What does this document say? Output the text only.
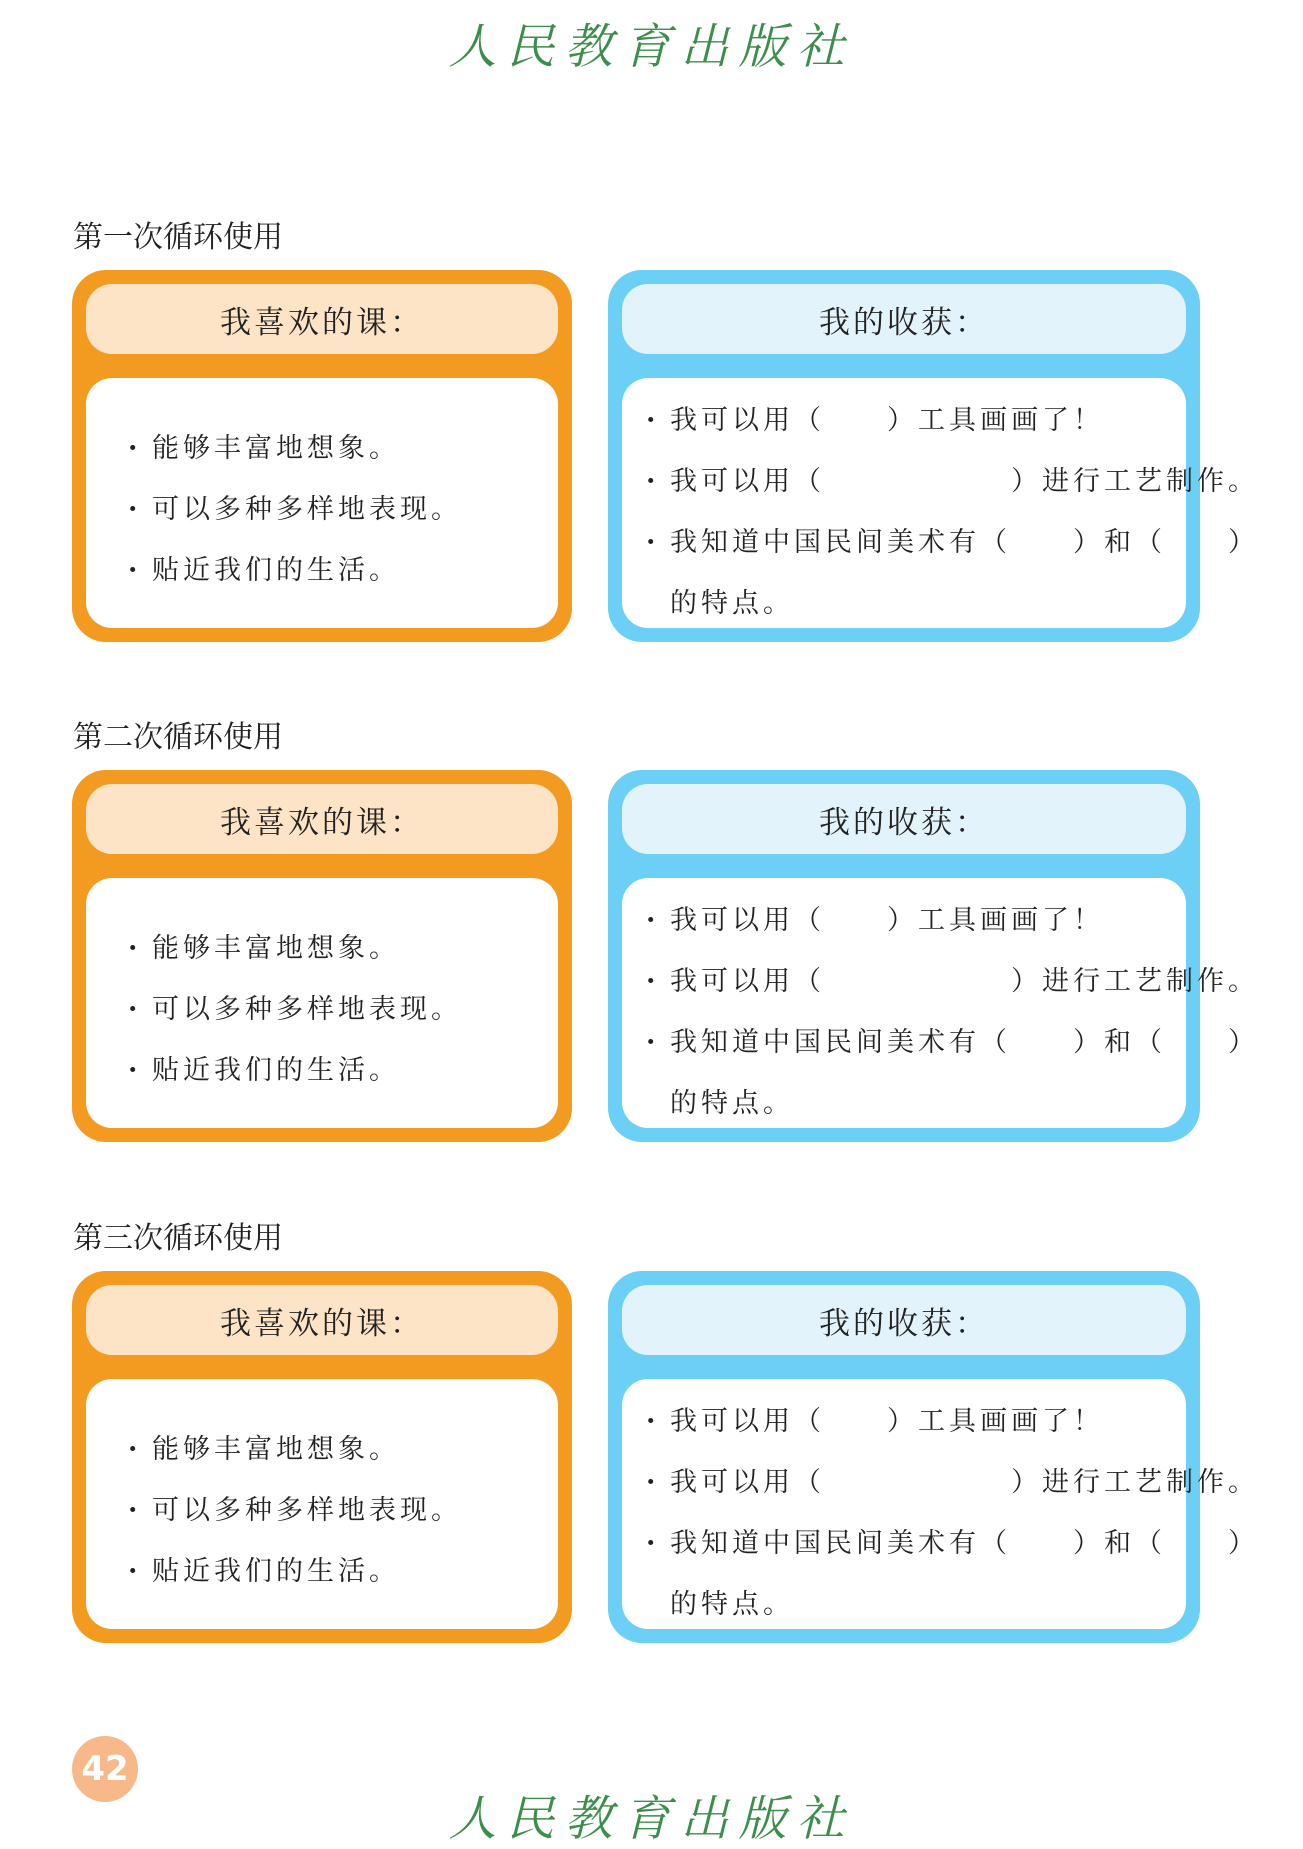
人民教育出版社
第一次循环使用
我喜欢的课：
· 能够丰富地想象。
· 可以多种多样地表现。
· 贴近我们的生活。
我的收获：
· 我可以用（　　）工具画画了！
· 我可以用（　　　　　　）进行工艺制作。
· 我知道中国民间美术有（　　）和（　　）
的特点。
第二次循环使用
我喜欢的课：
· 能够丰富地想象。
· 可以多种多样地表现。
· 贴近我们的生活。
我的收获：
· 我可以用（　　）工具画画了！
· 我可以用（　　　　　　）进行工艺制作。
· 我知道中国民间美术有（　　）和（　　）
的特点。
第三次循环使用
我喜欢的课：
· 能够丰富地想象。
· 可以多种多样地表现。
· 贴近我们的生活。
我的收获：
· 我可以用（　　）工具画画了！
· 我可以用（　　　　　　）进行工艺制作。
· 我知道中国民间美术有（　　）和（　　）
的特点。
42
人民教育出版社
